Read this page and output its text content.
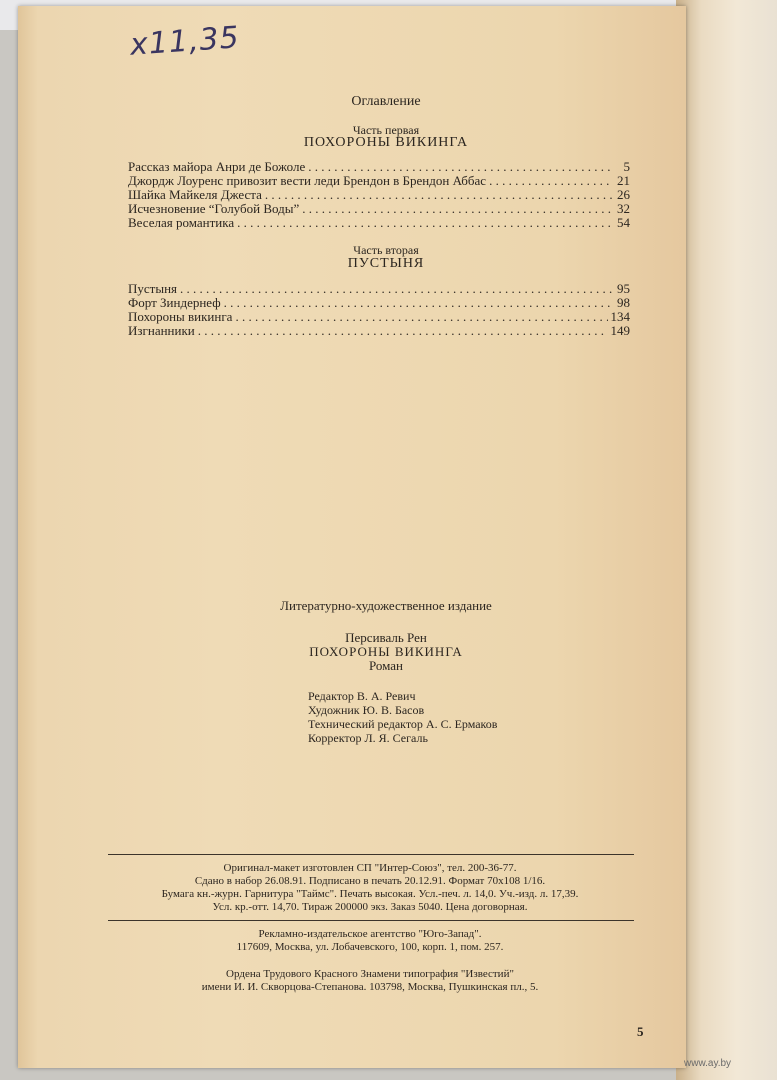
х11,35
Оглавление
Часть первая
ПОХОРОНЫ ВИКИНГА
Рассказ майора Анри де Божоле . . .	5
Джордж Лоуренс привозит вести леди Брендон в Брендон Аббас . . .	21
Шайка Майкеля Джеста . . .	26
Исчезновение “Голубой Воды” . . .	32
Веселая романтика . . .	54
Часть вторая
ПУСТЫНЯ
Пустыня . . .	95
Форт Зиндернеф . . .	98
Похороны викинга . . .	134
Изгнанники . . .	149
Литературно-художественное издание
Персиваль Рен
ПОХОРОНЫ ВИКИНГА
Роман
Редактор В. А. Ревич
Художник Ю. В. Басов
Технический редактор А. С. Ермаков
Корректор Л. Я. Сегаль
Оригинал-макет изготовлен СП "Интер-Союз", тел. 200-36-77.
Сдано в набор 26.08.91. Подписано в печать 20.12.91. Формат 70х108 1/16.
Бумага кн.-журн. Гарнитура "Таймс". Печать высокая. Усл.-печ. л. 14,0. Уч.-изд. л. 17,39.
Усл. кр.-отт. 14,70. Тираж 200000 экз. Заказ 5040. Цена договорная.
Рекламно-издательское агентство "Юго-Запад".
117609, Москва, ул. Лобачевского, 100, корп. 1, пом. 257.
Ордена Трудового Красного Знамени типография "Известий"
имени И. И. Скворцова-Степанова. 103798, Москва, Пушкинская пл., 5.
5
www.ay.by
